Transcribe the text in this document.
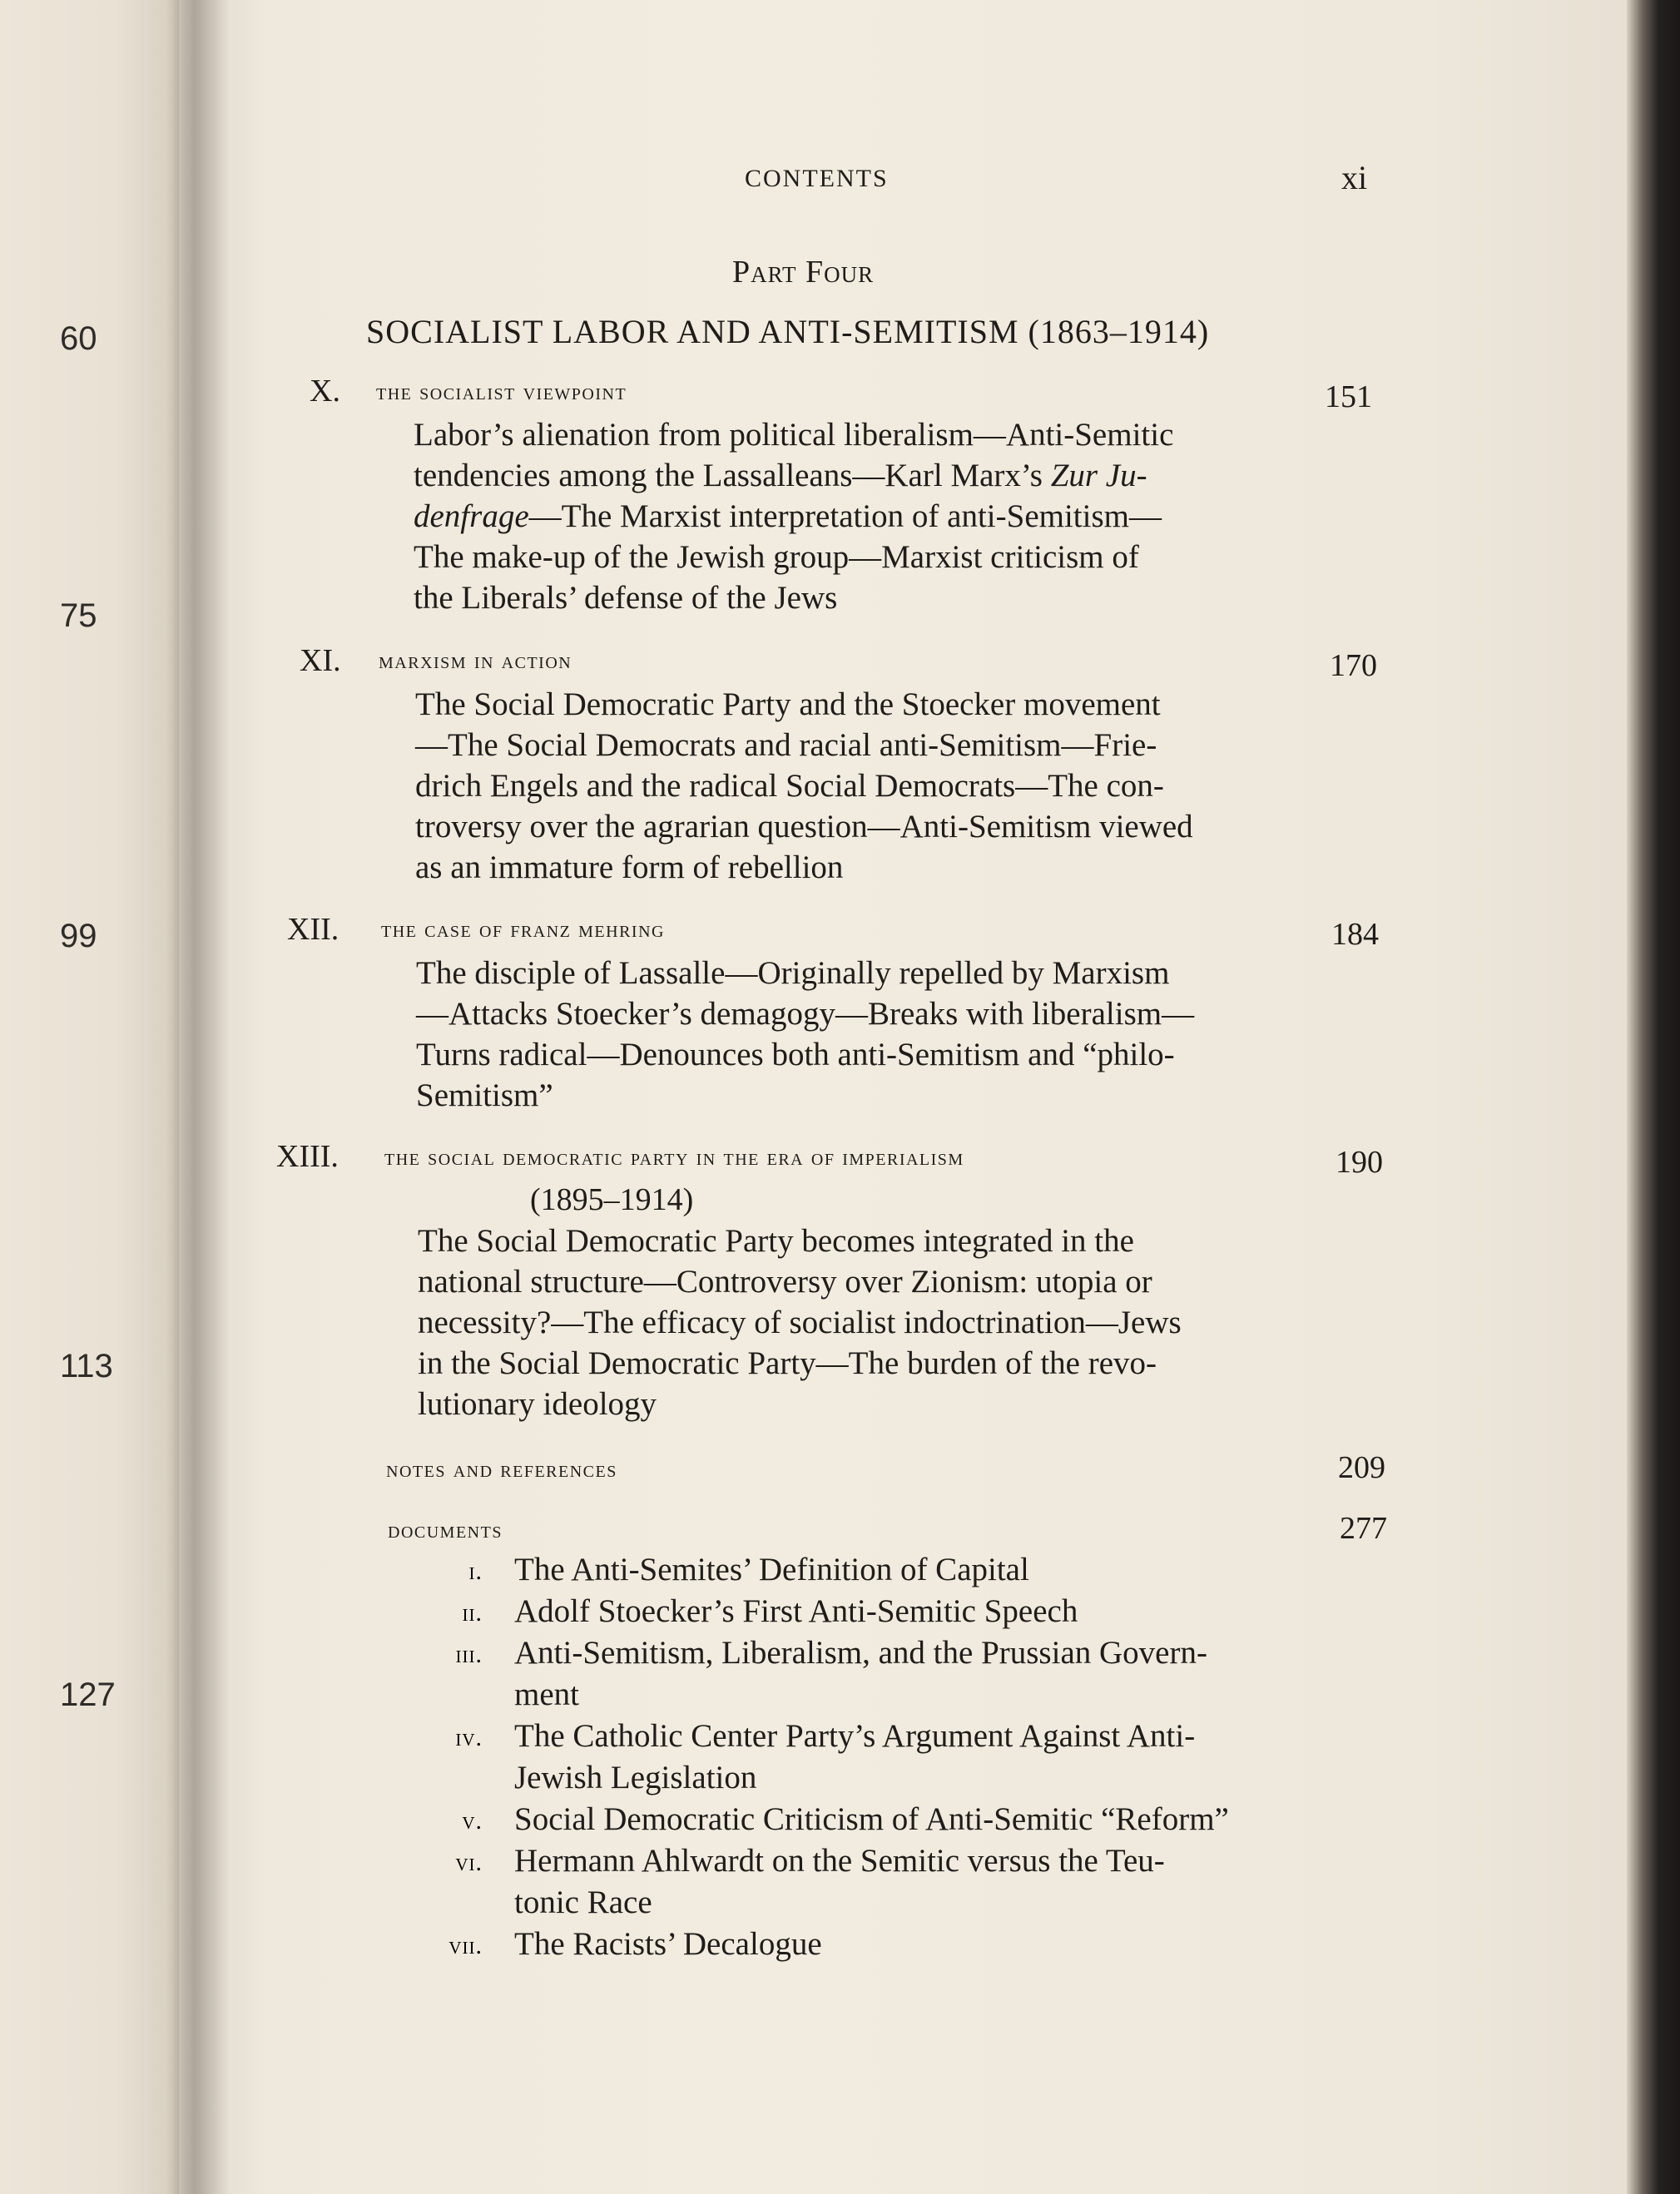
60
75
99
113
127
CONTENTS	xi
Part Four
SOCIALIST LABOR AND ANTI-SEMITISM (1863–1914)
X. the socialist viewpoint	151
Labor’s alienation from political liberalism—Anti-Semitic
tendencies among the Lassalleans—Karl Marx’s Zur Ju-
denfrage—The Marxist interpretation of anti-Semitism—
The make-up of the Jewish group—Marxist criticism of
the Liberals’ defense of the Jews
XI. marxism in action	170
The Social Democratic Party and the Stoecker movement
—The Social Democrats and racial anti-Semitism—Frie-
drich Engels and the radical Social Democrats—The con-
troversy over the agrarian question—Anti-Semitism viewed
as an immature form of rebellion
XII. the case of franz mehring	184
The disciple of Lassalle—Originally repelled by Marxism
—Attacks Stoecker’s demagogy—Breaks with liberalism—
Turns radical—Denounces both anti-Semitism and “philo-
Semitism”
XIII. the social democratic party in the era of imperialism	190
(1895–1914)
The Social Democratic Party becomes integrated in the
national structure—Controversy over Zionism: utopia or
necessity?—The efficacy of socialist indoctrination—Jews
in the Social Democratic Party—The burden of the revo-
lutionary ideology
notes and references	209
documents	277
i. The Anti-Semites’ Definition of Capital
ii. Adolf Stoecker’s First Anti-Semitic Speech
iii. Anti-Semitism, Liberalism, and the Prussian Govern-
ment
iv. The Catholic Center Party’s Argument Against Anti-
Jewish Legislation
v. Social Democratic Criticism of Anti-Semitic “Reform”
vi. Hermann Ahlwardt on the Semitic versus the Teu-
tonic Race
vii. The Racists’ Decalogue
